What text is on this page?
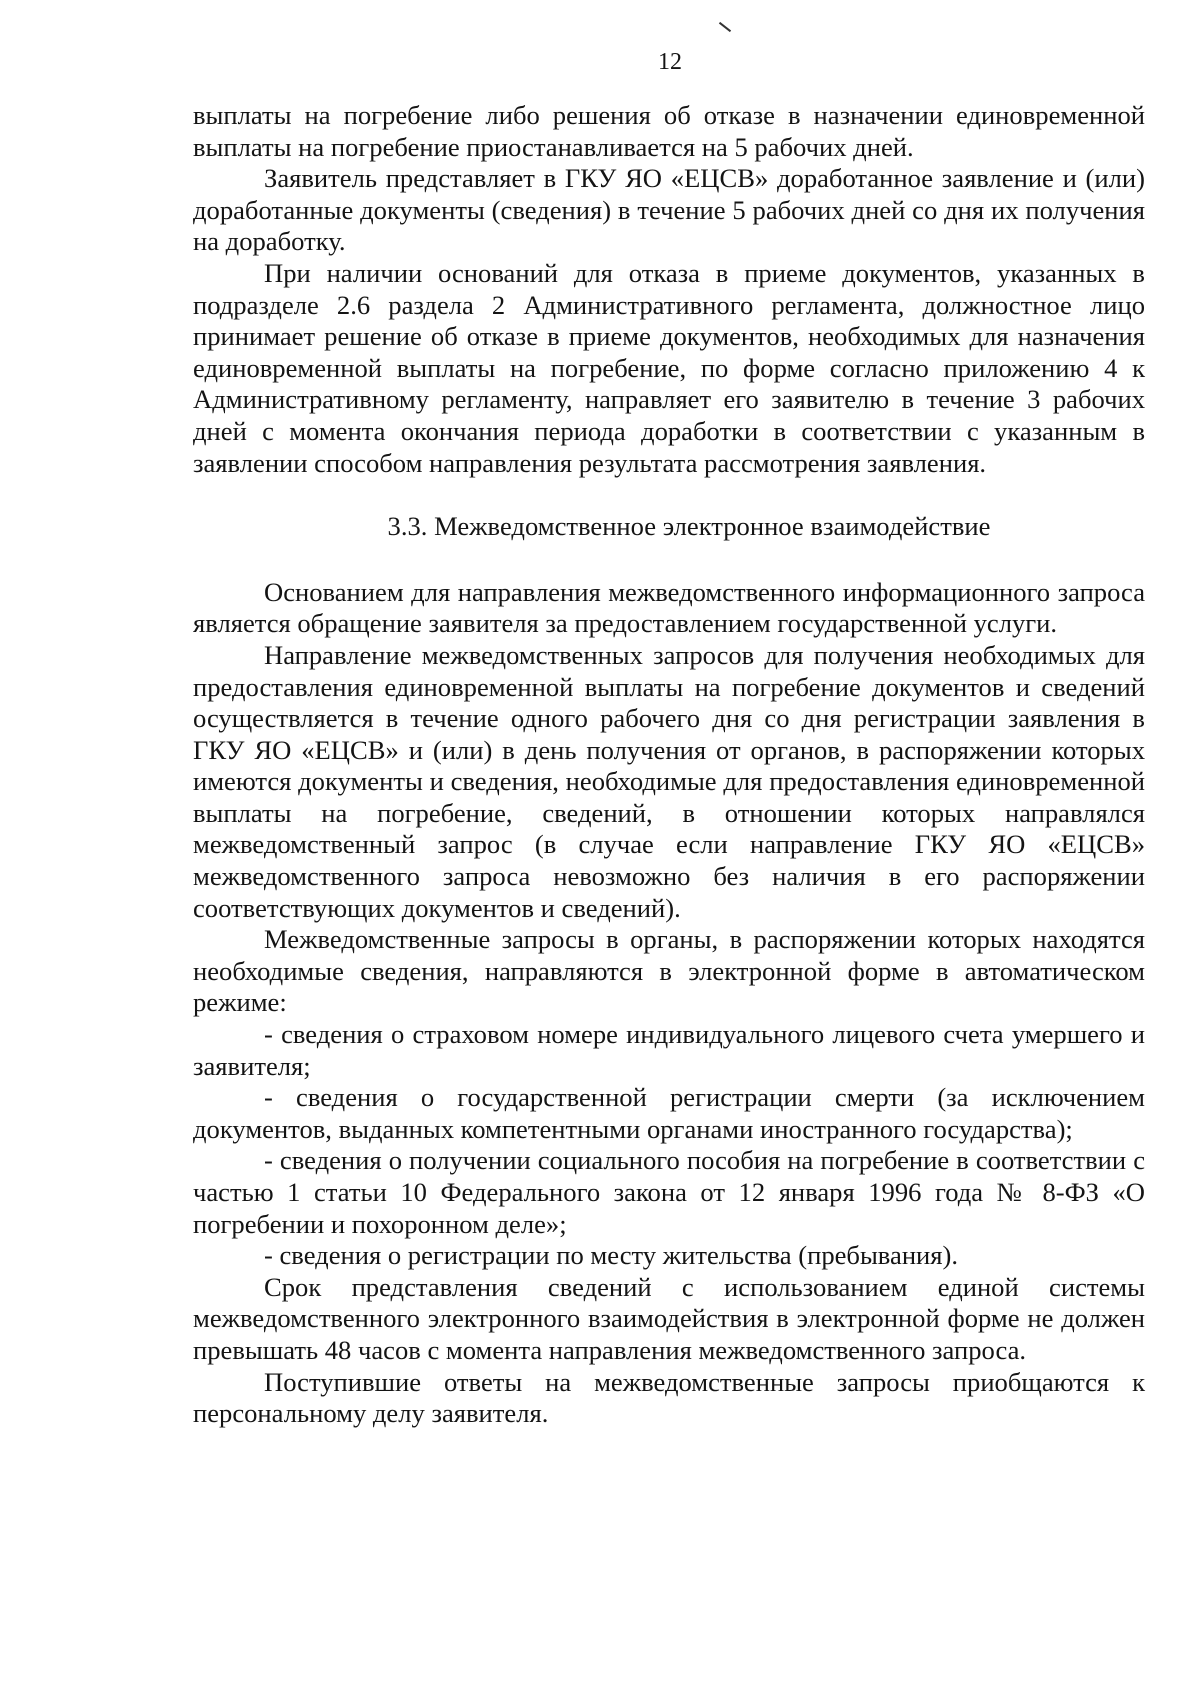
12

выплаты на погребение либо решения об отказе в назначении единовременной выплаты на погребение приостанавливается на 5 рабочих дней.

Заявитель представляет в ГКУ ЯО «ЕЦСВ» доработанное заявление и (или) доработанные документы (сведения) в течение 5 рабочих дней со дня их получения на доработку.

При наличии оснований для отказа в приеме документов, указанных в подразделе 2.6 раздела 2 Административного регламента, должностное лицо принимает решение об отказе в приеме документов, необходимых для назначения единовременной выплаты на погребение, по форме согласно приложению 4 к Административному регламенту, направляет его заявителю в течение 3 рабочих дней с момента окончания периода доработки в соответствии с указанным в заявлении способом направления результата рассмотрения заявления.

3.3. Межведомственное электронное взаимодействие

Основанием для направления межведомственного информационного запроса является обращение заявителя за предоставлением государственной услуги.

Направление межведомственных запросов для получения необходимых для предоставления единовременной выплаты на погребение документов и сведений осуществляется в течение одного рабочего дня со дня регистрации заявления в ГКУ ЯО «ЕЦСВ» и (или) в день получения от органов, в распоряжении которых имеются документы и сведения, необходимые для предоставления единовременной выплаты на погребение, сведений, в отношении которых направлялся межведомственный запрос (в случае если направление ГКУ ЯО «ЕЦСВ» межведомственного запроса невозможно без наличия в его распоряжении соответствующих документов и сведений).

Межведомственные запросы в органы, в распоряжении которых находятся необходимые сведения, направляются в электронной форме в автоматическом режиме:

- сведения о страховом номере индивидуального лицевого счета умершего и заявителя;

- сведения о государственной регистрации смерти (за исключением документов, выданных компетентными органами иностранного государства);

- сведения о получении социального пособия на погребение в соответствии с частью 1 статьи 10 Федерального закона от 12 января 1996 года № 8-ФЗ «О погребении и похоронном деле»;

- сведения о регистрации по месту жительства (пребывания).

Срок представления сведений с использованием единой системы межведомственного электронного взаимодействия в электронной форме не должен превышать 48 часов с момента направления межведомственного запроса.

Поступившие ответы на межведомственные запросы приобщаются к персональному делу заявителя.
